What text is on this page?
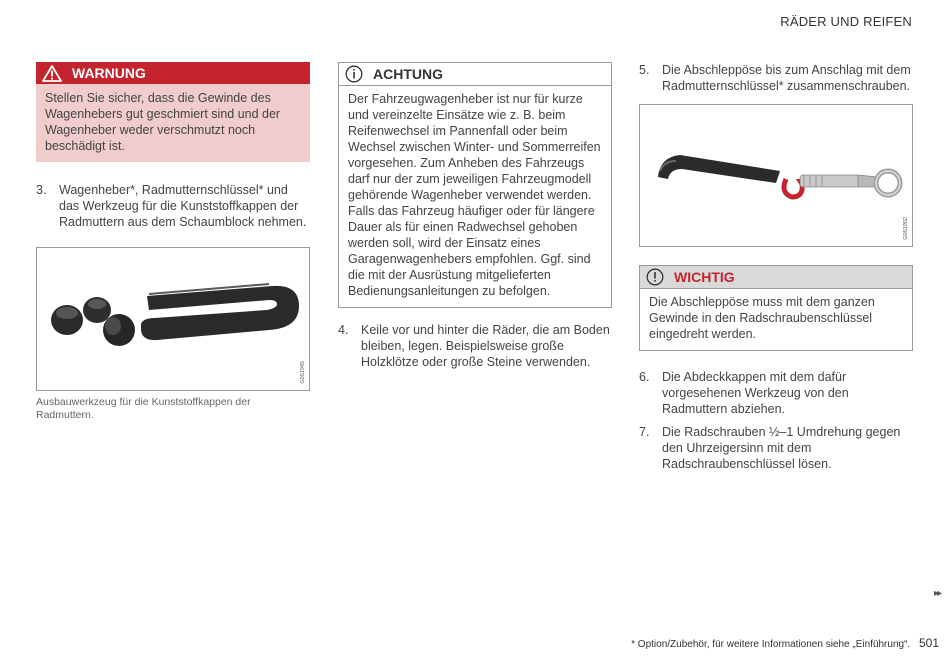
RÄDER UND REIFEN
WARNUNG
Stellen Sie sicher, dass die Gewinde des Wagenhebers gut geschmiert sind und der Wagenheber weder verschmutzt noch beschädigt ist.
3.	Wagenheber*, Radmutternschlüssel* und das Werkzeug für die Kunststoffkappen der Radmuttern aus dem Schaumblock nehmen.
G051945
Ausbauwerkzeug für die Kunststoffkappen der Radmuttern.
ACHTUNG
Der Fahrzeugwagenheber ist nur für kurze und vereinzelte Einsätze wie z. B. beim Reifenwechsel im Pannenfall oder beim Wechsel zwischen Winter- und Sommerreifen vorgesehen. Zum Anheben des Fahrzeugs darf nur der zum jeweiligen Fahrzeugmodell gehörende Wagenheber verwendet werden. Falls das Fahrzeug häufiger oder für längere Dauer als für einen Radwechsel gehoben werden soll, wird der Einsatz eines Garagenwagenhebers empfohlen. Ggf. sind die mit der Ausrüstung mitgelieferten Bedienungsanleitungen zu befolgen.
4.	Keile vor und hinter die Räder, die am Boden bleiben, legen. Beispielsweise große Holzklötze oder große Steine verwenden.
5.	Die Abschleppöse bis zum Anschlag mit dem Radmutternschlüssel* zusammenschrauben.
G051902
WICHTIG
Die Abschleppöse muss mit dem ganzen Gewinde in den Radschraubenschlüssel eingedreht werden.
6.	Die Abdeckkappen mit dem dafür vorgesehenen Werkzeug von den Radmuttern abziehen.
7.	Die Radschrauben ½–1 Umdrehung gegen den Uhrzeigersinn mit dem Radschraubenschlüssel lösen.
▸▸
* Option/Zubehör, für weitere Informationen siehe „Einführung“. 501
